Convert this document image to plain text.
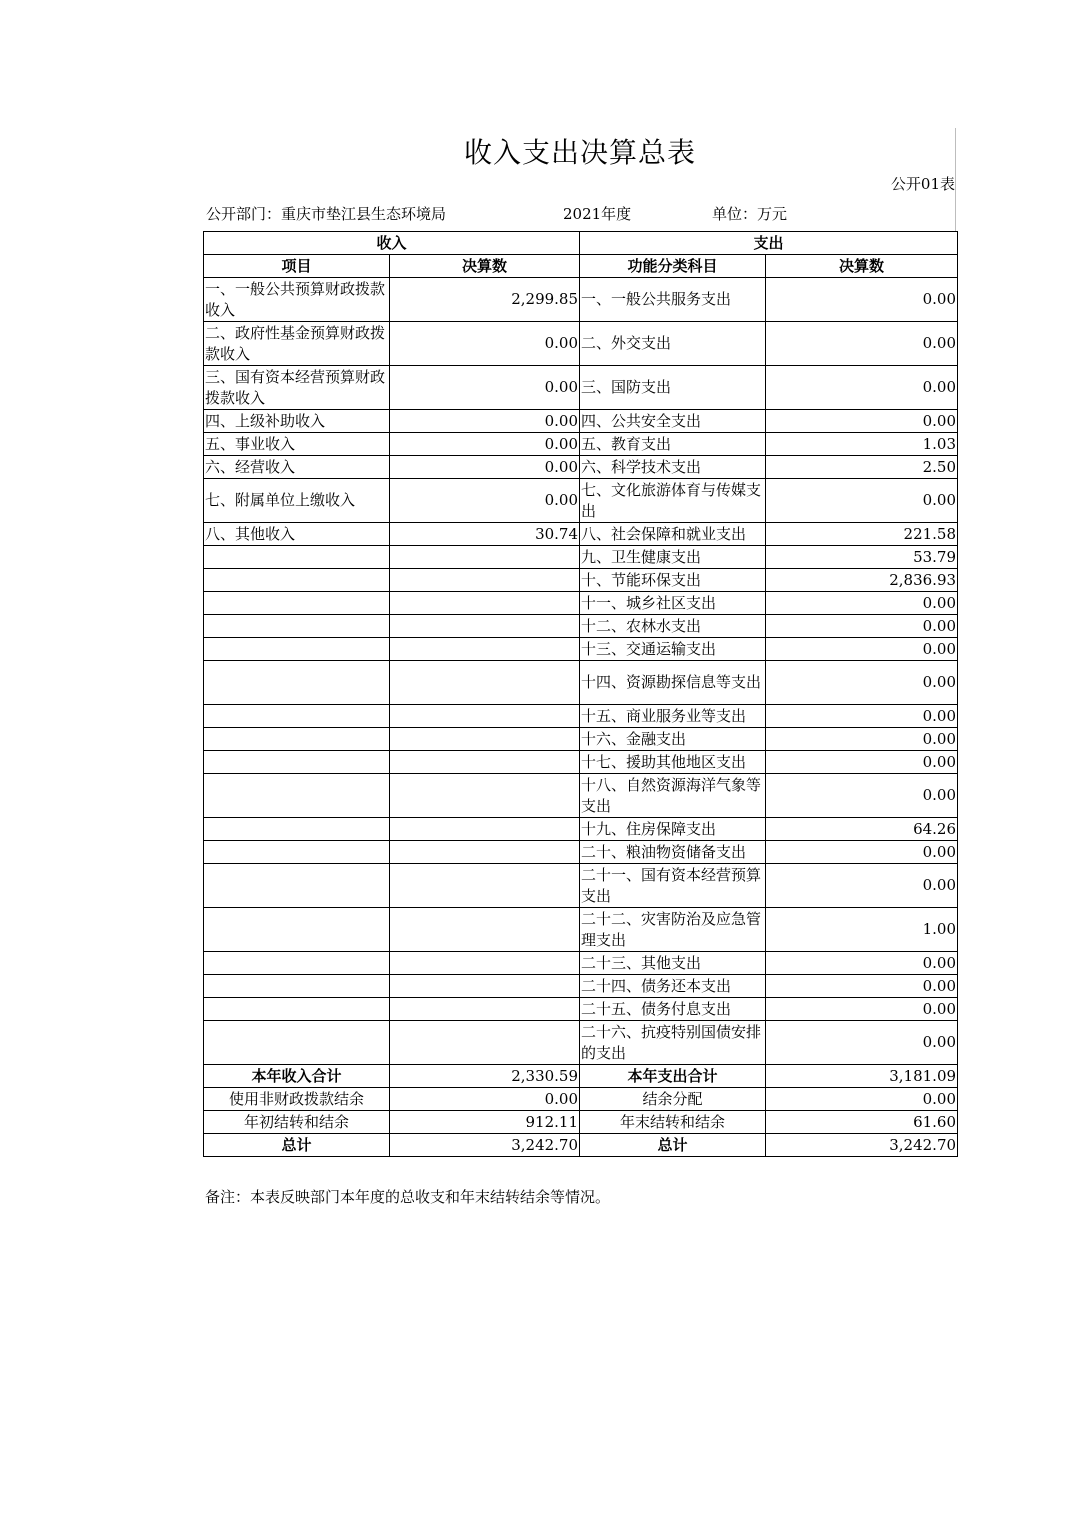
收入支出决算总表
公开01表
公开部门：重庆市垫江县生态环境局	2021年度	单位：万元
收入		支出	
项目	决算数	功能分类科目	决算数
一、一般公共预算财政拨款收入	2,299.85	一、一般公共服务支出	0.00
二、政府性基金预算财政拨款收入	0.00	二、外交支出	0.00
三、国有资本经营预算财政拨款收入	0.00	三、国防支出	0.00
四、上级补助收入	0.00	四、公共安全支出	0.00
五、事业收入	0.00	五、教育支出	1.03
六、经营收入	0.00	六、科学技术支出	2.50
七、附属单位上缴收入	0.00	七、文化旅游体育与传媒支出	0.00
八、其他收入	30.74	八、社会保障和就业支出	221.58
		九、卫生健康支出	53.79
		十、节能环保支出	2,836.93
		十一、城乡社区支出	0.00
		十二、农林水支出	0.00
		十三、交通运输支出	0.00
		十四、资源勘探信息等支出	0.00
		十五、商业服务业等支出	0.00
		十六、金融支出	0.00
		十七、援助其他地区支出	0.00
		十八、自然资源海洋气象等支出	0.00
		十九、住房保障支出	64.26
		二十、粮油物资储备支出	0.00
		二十一、国有资本经营预算支出	0.00
		二十二、灾害防治及应急管理支出	1.00
		二十三、其他支出	0.00
		二十四、债务还本支出	0.00
		二十五、债务付息支出	0.00
		二十六、抗疫特别国债安排的支出	0.00
本年收入合计	2,330.59	本年支出合计	3,181.09
使用非财政拨款结余	0.00	结余分配	0.00
年初结转和结余	912.11	年末结转和结余	61.60
总计	3,242.70	总计	3,242.70
备注：本表反映部门本年度的总收支和年末结转结余等情况。
